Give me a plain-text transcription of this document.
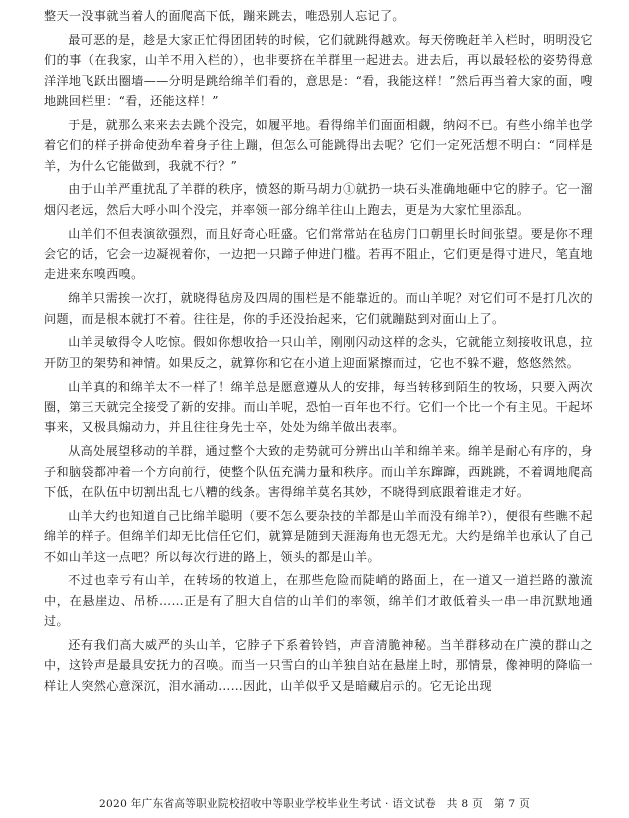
整天一没事就当着人的面爬高下低，蹦来跳去，唯恐别人忘记了。

最可恶的是，趁是大家正忙得团团转的时候，它们就跳得越欢。每天傍晚赶羊入栏时，明明没它们的事（在我家，山羊不用入栏的），也非要挤在羊群里一起进去。进去后，再以最轻松的姿势得意洋洋地飞跃出圈墙——分明是跳给绵羊们看的，意思是：“看，我能这样！”然后再当着大家的面，嗖地跳回栏里：“看，还能这样！”

于是，就那么来来去去跳个没完，如履平地。看得绵羊们面面相觑，纳闷不已。有些小绵羊也学着它们的样子拼命使劲牟着身子往上蹦，但怎么可能跳得出去呢？它们一定死活想不明白：“同样是羊，为什么它能做到，我就不行？”

由于山羊严重扰乱了羊群的秩序，愤怒的斯马胡力①就扔一块石头准确地砸中它的脖子。它一溜烟闪老远，然后大呼小叫个没完，并率领一部分绵羊往山上跑去，更是为大家忙里添乱。

山羊们不但表演欲强烈，而且好奇心旺盛。它们常常站在毡房门口朝里长时间张望。要是你不理会它的话，它会一边凝视着你，一边把一只蹄子伸进门槛。若再不阻止，它们更是得寸进尺，笔直地走进来东嗅西嗅。

绵羊只需挨一次打，就晓得毡房及四周的围栏是不能靠近的。而山羊呢？对它们可不是打几次的问题，而是根本就打不着。往往是，你的手还没抬起来，它们就蹦跶到对面山上了。

山羊灵敏得令人吃惊。假如你想收拾一只山羊，刚刚闪动这样的念头，它就能立刻接收讯息，拉开防卫的架势和神情。如果反之，就算你和它在小道上迎面紧擦而过，它也不躲不避，悠悠然然。

山羊真的和绵羊太不一样了！绵羊总是愿意遵从人的安排，每当转移到陌生的牧场，只要入两次圈，第三天就完全接受了新的安排。而山羊呢，恐怕一百年也不行。它们一个比一个有主见。干起坏事来，又极具煽动力，并且往往身先士卒，处处为绵羊做出表率。

从高处展望移动的羊群，通过整个大致的走势就可分辨出山羊和绵羊来。绵羊是耐心有序的，身子和脑袋都冲着一个方向前行，使整个队伍充满力量和秩序。而山羊东蹿蹿，西跳跳，不着调地爬高下低，在队伍中切割出乱七八糟的线条。害得绵羊莫名其妙，不晓得到底跟着谁走才好。

山羊大约也知道自己比绵羊聪明（要不怎么要杂技的羊都是山羊而没有绵羊?），便很有些瞧不起绵羊的样子。但绵羊们却无比信任它们，就算是随到天涯海角也无怨无尤。大约是绵羊也承认了自己不如山羊这一点吧？所以每次行进的路上，领头的都是山羊。

不过也幸亏有山羊，在转场的牧道上，在那些危险而陡峭的路面上，在一道又一道拦路的激流中，在悬崖边、吊桥……正是有了胆大自信的山羊们的率领，绵羊们才敢低着头一串一串沉默地通过。

还有我们高大威严的头山羊，它脖子下系着铃铛，声音清脆神秘。当羊群移动在广漠的群山之中，这铃声是最具安抚力的召唤。而当一只雪白的山羊独自站在悬崖上时，那情景，像神明的降临一样让人突然心意深沉，泪水涌动……因此，山羊似乎又是暗藏启示的。它无论出现

2020 年广东省高等职业院校招收中等职业学校毕业生考试 · 语文试卷　共 8 页　第 7 页
